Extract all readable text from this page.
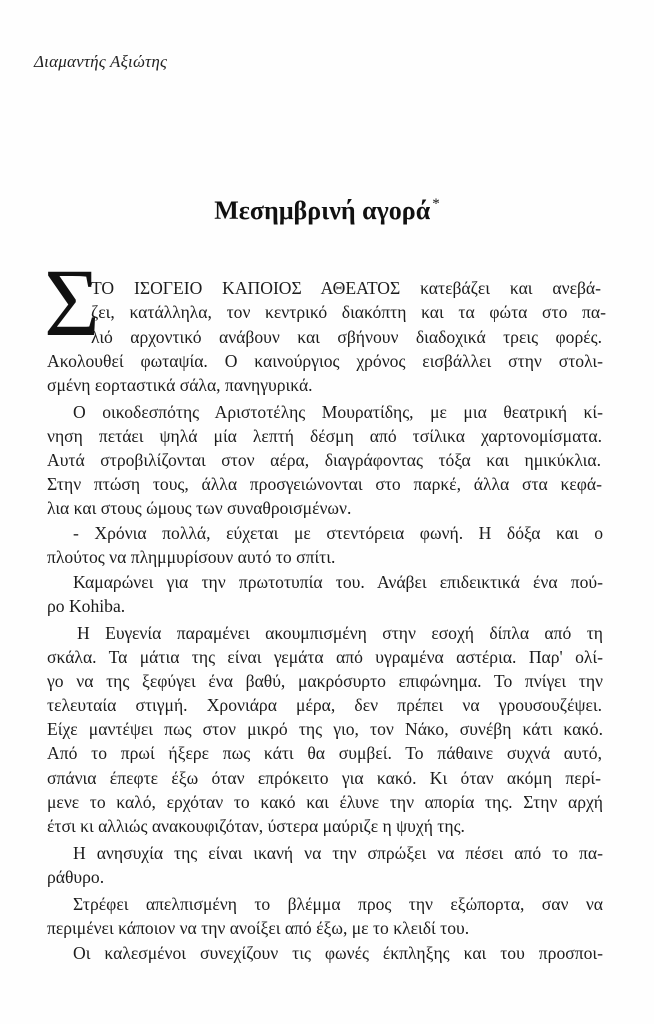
Διαμαντής Αξιώτης
Μεσημβρινή αγορά *
Σ
ΤΟ ΙΣΟΓΕΙΟ ΚΑΠΟΙΟΣ ΑΘΕΑΤΟΣ κατεβάζει και ανεβά-
ζει, κατάλληλα, τον κεντρικό διακόπτη και τα φώτα στο πα-
λιό αρχοντικό ανάβουν και σβήνουν διαδοχικά τρεις φορές.
Ακολουθεί φωταψία. Ο καινούργιος χρόνος εισβάλλει στην στολι-
σμένη εορταστικά σάλα, πανηγυρικά.
Ο οικοδεσπότης Αριστοτέλης Μουρατίδης, με μια θεατρική κί-
νηση πετάει ψηλά μία λεπτή δέσμη από τσίλικα χαρτονομίσματα.
Αυτά στροβιλίζονται στον αέρα, διαγράφοντας τόξα και ημικύκλια.
Στην πτώση τους, άλλα προσγειώνονται στο παρκέ, άλλα στα κεφά-
λια και στους ώμους των συναθροισμένων.
- Χρόνια πολλά, εύχεται με στεντόρεια φωνή. Η δόξα και ο
πλούτος να πλημμυρίσουν αυτό το σπίτι.
Καμαρώνει για την πρωτοτυπία του. Ανάβει επιδεικτικά ένα πού-
ρο Kohiba.
Η Ευγενία παραμένει ακουμπισμένη στην εσοχή δίπλα από τη
σκάλα. Τα μάτια της είναι γεμάτα από υγραμένα αστέρια. Παρ' ολί-
γο να της ξεφύγει ένα βαθύ, μακρόσυρτο επιφώνημα. Το πνίγει την
τελευταία στιγμή. Χρονιάρα μέρα, δεν πρέπει να γρουσουζέψει.
Είχε μαντέψει πως στον μικρό της γιο, τον Νάκο, συνέβη κάτι κακό.
Από το πρωί ήξερε πως κάτι θα συμβεί. Το πάθαινε συχνά αυτό,
σπάνια έπεφτε έξω όταν επρόκειτο για κακό. Κι όταν ακόμη περί-
μενε το καλό, ερχόταν το κακό και έλυνε την απορία της. Στην αρχή
έτσι κι αλλιώς ανακουφιζόταν, ύστερα μαύριζε η ψυχή της.
Η ανησυχία της είναι ικανή να την σπρώξει να πέσει από το πα-
ράθυρο.
Στρέφει απελπισμένη το βλέμμα προς την εξώπορτα, σαν να
περιμένει κάποιον να την ανοίξει από έξω, με το κλειδί του.
Οι καλεσμένοι συνεχίζουν τις φωνές έκπληξης και του προσποι-
